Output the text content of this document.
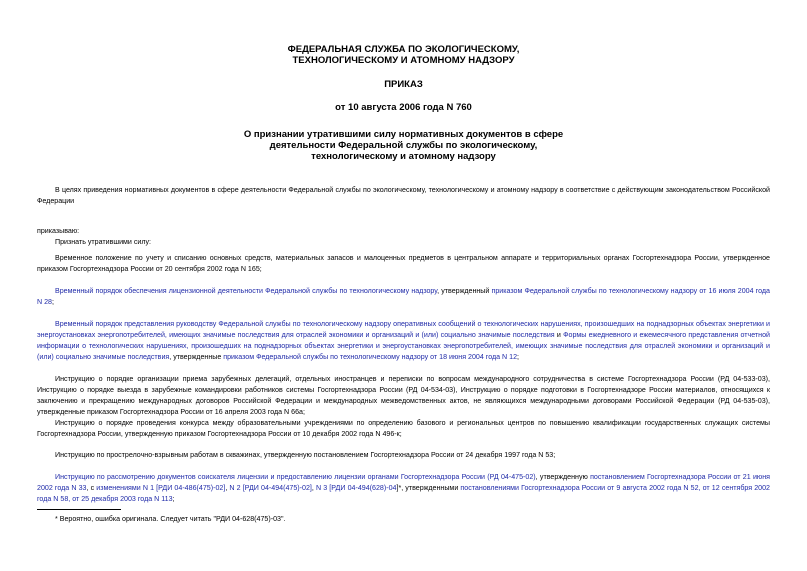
ФЕДЕРАЛЬНАЯ СЛУЖБА ПО ЭКОЛОГИЧЕСКОМУ,
ТЕХНОЛОГИЧЕСКОМУ И АТОМНОМУ НАДЗОРУ
ПРИКАЗ
от 10 августа 2006 года N 760
О признании утратившими силу нормативных документов в сфере
деятельности Федеральной службы по экологическому,
технологическому и атомному надзору

В целях приведения нормативных документов в сфере деятельности Федеральной службы по экологическому, технологическому и атомному надзору в соответствие с действующим законодательством Российской Федерации

приказываю:

Признать утратившими силу:

Временное положение по учету и списанию основных средств, материальных запасов и малоценных предметов в центральном аппарате и территориальных органах Госгортехнадзора России, утвержденное приказом Госгортехнадзора России от 20 сентября 2002 года N 165;

Временный порядок обеспечения лицензионной деятельности Федеральной службы по технологическому надзору, утвержденный приказом Федеральной службы по технологическому надзору от 16 июля 2004 года N 28;

Временный порядок представления руководству Федеральной службы по технологическому надзору оперативных сообщений о технологических нарушениях, произошедших на поднадзорных объектах энергетики и энергоустановках энергопотребителей, имеющих значимые последствия для отраслей экономики и организаций и (или) социально значимые последствия и Формы ежедневного и ежемесячного представления отчетной информации о технологических нарушениях, произошедших на поднадзорных объектах энергетики и энергоустановках энергопотребителей, имеющих значимые последствия для отраслей экономики и организаций и (или) социально значимые последствия, утвержденные приказом Федеральной службы по технологическому надзору от 18 июня 2004 года N 12;

Инструкцию о порядке организации приема зарубежных делегаций, отдельных иностранцев и переписки по вопросам международного сотрудничества в системе Госгортехнадзора России (РД 04-533-03), Инструкцию о порядке выезда в зарубежные командировки работников системы Госгортехнадзора России (РД 04-534-03), Инструкцию о порядке подготовки в Госгортехнадзоре России материалов, относящихся к заключению и прекращению международных договоров Российской Федерации и международных межведомственных актов, не являющихся международными договорами Российской Федерации (РД 04-535-03), утвержденные приказом Госгортехнадзора России от 16 апреля 2003 года N 66а;

Инструкцию о порядке проведения конкурса между образовательными учреждениями по определению базового и региональных центров по повышению квалификации государственных служащих системы Госгортехнадзора России, утвержденную приказом Госгортехнадзора России от 10 декабря 2002 года N 496-к;

Инструкцию по прострелочно-взрывным работам в скважинах, утвержденную постановлением Госгортехнадзора России от 24 декабря 1997 года N 53;

Инструкцию по рассмотрению документов соискателя лицензии и предоставлению лицензии органами Госгортехнадзора России (РД 04-475-02), утвержденную постановлением Госгортехнадзора России от 21 июня 2002 года N 33, с изменениями N 1 [РДИ 04-486(475)-02], N 2 [РДИ 04-494(475)-02], N 3 [РДИ 04-494(628)-04]*, утвержденными постановлениями Госгортехнадзора России от 9 августа 2002 года N 52, от 12 сентября 2002 года N 58, от 25 декабря 2003 года N 113;

* Вероятно, ошибка оригинала. Следует читать "РДИ 04-628(475)-03".
